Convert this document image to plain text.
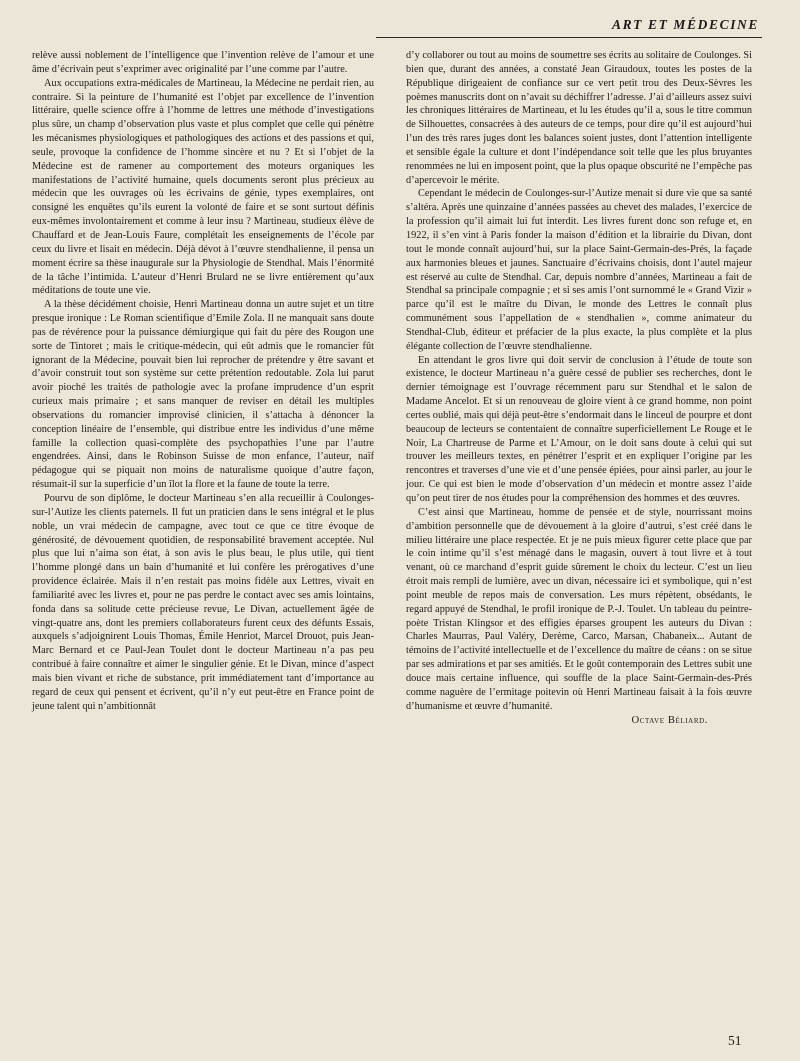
ART ET MÉDECINE

relève aussi noblement de l’intelligence que l’invention relève de l’amour et une âme d’écrivain peut s’exprimer avec originalité par l’une comme par l’autre.

Aux occupations extra-médicales de Martineau, la Médecine ne perdait rien, au contraire. Si la peinture de l’humanité est l’objet par excellence de l’invention littéraire, quelle science offre à l’homme de lettres une méthode d’investigations plus sûre, un champ d’observation plus vaste et plus complet que celle qui pénètre les mécanismes physiologiques et pathologiques des actions et des passions et qui, seule, provoque la confidence de l’homme sincère et nu ? Et si l’objet de la Médecine est de ramener au comportement des moteurs organiques les manifestations de l’activité humaine, quels documents seront plus précieux au médecin que les ouvrages où les écrivains de génie, types exemplaires, ont consigné les enquêtes qu’ils eurent la volonté de faire et se sont surtout définis eux-mêmes involontairement et comme à leur insu ? Martineau, studieux élève de Chauffard et de Jean-Louis Faure, complétait les enseignements de l’école par ceux du livre et lisait en médecin. Déjà dévot à l’œuvre stendhalienne, il pensa un moment écrire sa thèse inaugurale sur la Physiologie de Stendhal. Mais l’énormité de la tâche l’intimida. L’auteur d’Henri Brulard ne se livre entièrement qu’aux méditations de toute une vie.

A la thèse décidément choisie, Henri Martineau donna un autre sujet et un titre presque ironique : Le Roman scientifique d’Emile Zola. Il ne manquait sans doute pas de révérence pour la puissance démiurgique qui fait du père des Rougon une sorte de Tintoret ; mais le critique-médecin, qui eût admis que le romancier fût ignorant de la Médecine, pouvait bien lui reprocher de prétendre y être savant et d’avoir construit tout son système sur cette prétention redoutable. Zola lui parut avoir pioché les traités de pathologie avec la profane imprudence d’un esprit curieux mais primaire ; et sans manquer de reviser en détail les multiples observations du romancier improvisé clinicien, il s’attacha à dénoncer la conception linéaire de l’ensemble, qui distribue entre les individus d’une même famille la collection quasi-complète des psychopathies l’une par l’autre engendrées. Ainsi, dans le Robinson Suisse de mon enfance, l’auteur, naïf pédagogue qui se piquait non moins de naturalisme quoique d’autre façon, résumait-il sur la superficie d’un îlot la flore et la faune de toute la terre.

Pourvu de son diplôme, le docteur Martineau s’en alla recueillir à Coulonges-sur-l’Autize les clients paternels. Il fut un praticien dans le sens intégral et le plus noble, un vrai médecin de campagne, avec tout ce que ce titre évoque de générosité, de dévouement quotidien, de responsabilité bravement acceptée. Nul plus que lui n’aima son état, à son avis le plus beau, le plus utile, qui tient l’homme plongé dans un bain d’humanité et lui confère les prérogatives d’une providence éclairée. Mais il n’en restait pas moins fidèle aux Lettres, vivait en familiarité avec les livres et, pour ne pas perdre le contact avec ses amis lointains, fonda dans sa solitude cette précieuse revue, Le Divan, actuellement âgée de vingt-quatre ans, dont les premiers collaborateurs furent ceux des défunts Essais, auxquels s’adjoignirent Louis Thomas, Émile Henriot, Marcel Drouot, puis Jean-Marc Bernard et ce Paul-Jean Toulet dont le docteur Martineau n’a pas peu contribué à faire connaître et aimer le singulier génie. Et le Divan, mince d’aspect mais bien vivant et riche de substance, prit immédiatement tant d’importance au regard de ceux qui pensent et écrivent, qu’il n’y eut peut-être en France point de jeune talent qui n’ambitionnât

d’y collaborer ou tout au moins de soumettre ses écrits au solitaire de Coulonges. Si bien que, durant des années, a constaté Jean Giraudoux, toutes les postes de la République dirigeaient de confiance sur ce vert petit trou des Deux-Sèvres les poèmes manuscrits dont on n’avait su déchiffrer l’adresse. J’ai d’ailleurs assez suivi les chroniques littéraires de Martineau, et lu les études qu’il a, sous le titre commun de Silhouettes, consacrées à des auteurs de ce temps, pour dire qu’il est aujourd’hui l’un des très rares juges dont les balances soient justes, dont l’attention intelligente et sensible égale la culture et dont l’indépendance soit telle que les plus bruyantes renommées ne lui en imposent point, que la plus opaque obscurité ne l’empêche pas d’apercevoir le mérite.

Cependant le médecin de Coulonges-sur-l’Autize menait si dure vie que sa santé s’altéra. Après une quinzaine d’années passées au chevet des malades, l’exercice de la profession qu’il aimait lui fut interdit. Les livres furent donc son refuge et, en 1922, il s’en vint à Paris fonder la maison d’édition et la librairie du Divan, dont tout le monde connaît aujourd’hui, sur la place Saint-Germain-des-Prés, la façade aux harmonies bleues et jaunes. Sanctuaire d’écrivains choisis, dont l’autel majeur est réservé au culte de Stendhal. Car, depuis nombre d’années, Martineau a fait de Stendhal sa principale compagnie ; et si ses amis l’ont surnommé le « Grand Vizir » parce qu’il est le maître du Divan, le monde des Lettres le connaît plus communément sous l’appellation de « stendhalien », comme animateur du Stendhal-Club, éditeur et préfacier de la plus exacte, la plus complète et la plus élégante collection de l’œuvre stendhalienne.

En attendant le gros livre qui doit servir de conclusion à l’étude de toute son existence, le docteur Martineau n’a guère cessé de publier ses recherches, dont le dernier témoignage est l’ouvrage récemment paru sur Stendhal et le salon de Madame Ancelot. Et si un renouveau de gloire vient à ce grand homme, non point certes oublié, mais qui déjà peut-être s’endormait dans le linceul de pourpre et dont beaucoup de lecteurs se contentaient de connaître superficiellement Le Rouge et le Noir, La Chartreuse de Parme et L’Amour, on le doit sans doute à celui qui sut trouver les meilleurs textes, en pénétrer l’esprit et en expliquer l’origine par les rencontres et traverses d’une vie et d’une pensée épiées, pour ainsi parler, au jour le jour. Ce qui est bien le mode d’observation d’un médecin et montre assez l’aide qu’on peut tirer de nos études pour la compréhension des hommes et des œuvres.

C’est ainsi que Martineau, homme de pensée et de style, nourrissant moins d’ambition personnelle que de dévouement à la gloire d’autrui, s’est créé dans le milieu littéraire une place respectée. Et je ne puis mieux figurer cette place que par le coin intime qu’il s’est ménagé dans le magasin, ouvert à tout livre et à tout venant, où ce marchand d’esprit guide sûrement le choix du lecteur. C’est un lieu étroit mais rempli de lumière, avec un divan, nécessaire ici et symbolique, qui n’est point meuble de repos mais de conversation. Les murs répètent, obsédants, le regard appuyé de Stendhal, le profil ironique de P.-J. Toulet. Un tableau du peintre-poète Tristan Klingsor et des effigies éparses groupent les auteurs du Divan : Charles Maurras, Paul Valéry, Derème, Carco, Marsan, Chabaneix... Autant de témoins de l’activité intellectuelle et de l’excellence du maître de céans : on se situe par ses admirations et par ses amitiés. Et le goût contemporain des Lettres subit une douce mais certaine influence, qui souffle de la place Saint-Germain-des-Prés comme naguère de l’ermitage poitevin où Henri Martineau faisait à la fois œuvre d’humanisme et œuvre d’humanité.

Octave Béliard.

51
